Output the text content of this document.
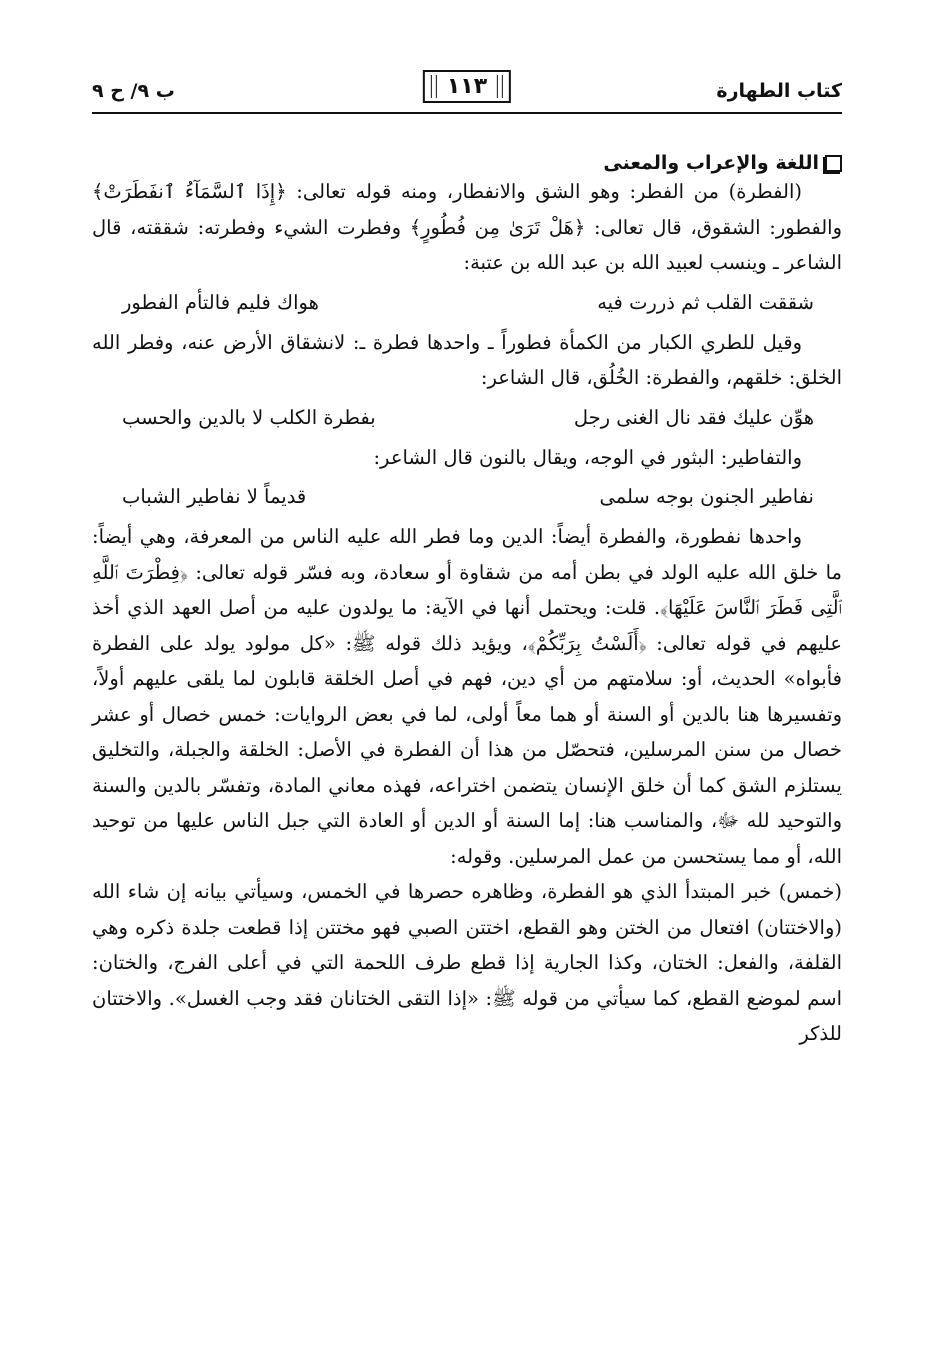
كتاب الطهارة
١١٣
ب ٩/ ح ٩
اللغة والإعراب والمعنى

(الفطرة) من الفطر: وهو الشق والانفطار، ومنه قوله تعالى: ﴿إِذَا ٱلسَّمَآءُ ٱنفَطَرَتْ﴾ والفطور: الشقوق، قال تعالى: ﴿هَلْ تَرَىٰ مِن فُطُورٍ﴾ وفطرت الشيء وفطرته: شققته، قال الشاعر ـ وينسب لعبيد الله بن عبد الله بن عتبة:

شققت القلب ثم ذررت فيه
هواك فليم فالتأم الفطور

وقيل للطري الكبار من الكمأة فطوراً ـ واحدها فطرة ـ: لانشقاق الأرض عنه، وفطر الله الخلق: خلقهم، والفطرة: الخُلُق، قال الشاعر:

هوِّن عليك فقد نال الغنى رجل
بفطرة الكلب لا بالدين والحسب

والتفاطير: البثور في الوجه، ويقال بالنون قال الشاعر:

نفاطير الجنون بوجه سلمى
قديماً لا نفاطير الشباب

واحدها نفطورة، والفطرة أيضاً: الدين وما فطر الله عليه الناس من المعرفة، وهي أيضاً: ما خلق الله عليه الولد في بطن أمه من شقاوة أو سعادة، وبه فسّر قوله تعالى: ﴿فِطْرَتَ ٱللَّهِ ٱلَّتِى فَطَرَ ٱلنَّاسَ عَلَيْهَا﴾. قلت: ويحتمل أنها في الآية: ما يولدون عليه من أصل العهد الذي أخذ عليهم في قوله تعالى: ﴿أَلَسْتُ بِرَبِّكُمْ﴾، ويؤيد ذلك قوله ﷺ: «كل مولود يولد على الفطرة فأبواه» الحديث، أو: سلامتهم من أي دين، فهم في أصل الخلقة قابلون لما يلقى عليهم أولاً، وتفسيرها هنا بالدين أو السنة أو هما معاً أولى، لما في بعض الروايات: خمس خصال أو عشر خصال من سنن المرسلين، فتحصّل من هذا أن الفطرة في الأصل: الخلقة والجبلة، والتخليق يستلزم الشق كما أن خلق الإنسان يتضمن اختراعه، فهذه معاني المادة، وتفسّر بالدين والسنة والتوحيد لله ﷻ، والمناسب هنا: إما السنة أو الدين أو العادة التي جبل الناس عليها من توحيد الله، أو مما يستحسن من عمل المرسلين. وقوله:

(خمس) خبر المبتدأ الذي هو الفطرة، وظاهره حصرها في الخمس، وسيأتي بيانه إن شاء الله (والاختتان) افتعال من الختن وهو القطع، اختتن الصبي فهو مختتن إذا قطعت جلدة ذكره وهي القلفة، والفعل: الختان، وكذا الجارية إذا قطع طرف اللحمة التي في أعلى الفرج، والختان: اسم لموضع القطع، كما سيأتي من قوله ﷺ: «إذا التقى الختانان فقد وجب الغسل». والاختتان للذكر
